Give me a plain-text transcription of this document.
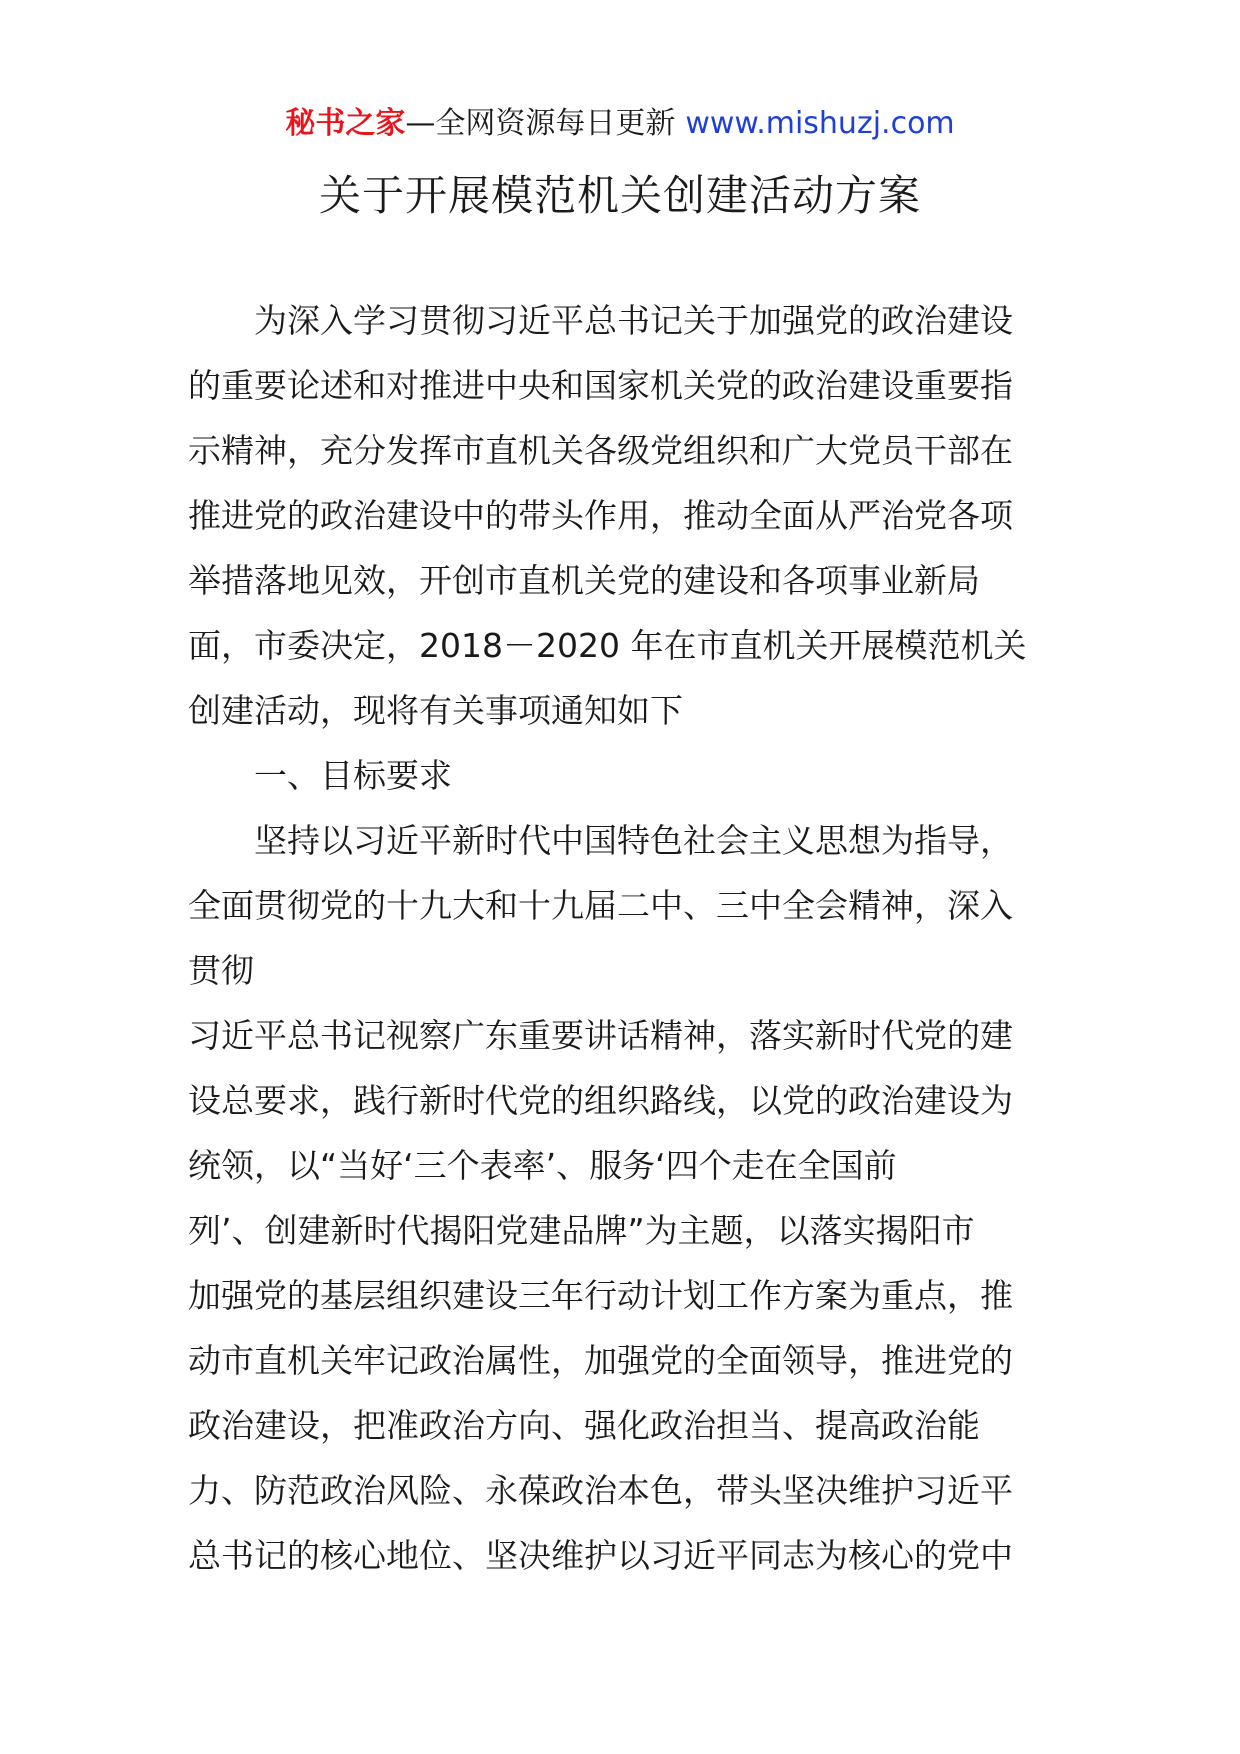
秘书之家—全网资源每日更新 www.mishuzj.com
关于开展模范机关创建活动方案
为深入学习贯彻习近平总书记关于加强党的政治建设
的重要论述和对推进中央和国家机关党的政治建设重要指
示精神，充分发挥市直机关各级党组织和广大党员干部在
推进党的政治建设中的带头作用，推动全面从严治党各项
举措落地见效，开创市直机关党的建设和各项事业新局
面，市委决定，2018－2020 年在市直机关开展模范机关
创建活动，现将有关事项通知如下
一、目标要求
坚持以习近平新时代中国特色社会主义思想为指导，
全面贯彻党的十九大和十九届二中、三中全会精神，深入
贯彻
习近平总书记视察广东重要讲话精神，落实新时代党的建
设总要求，践行新时代党的组织路线，以党的政治建设为
统领，以“当好‘三个表率’、服务‘四个走在全国前
列’、创建新时代揭阳党建品牌”为主题，以落实揭阳市
加强党的基层组织建设三年行动计划工作方案为重点，推
动市直机关牢记政治属性，加强党的全面领导，推进党的
政治建设，把准政治方向、强化政治担当、提高政治能
力、防范政治风险、永葆政治本色，带头坚决维护习近平
总书记的核心地位、坚决维护以习近平同志为核心的党中
